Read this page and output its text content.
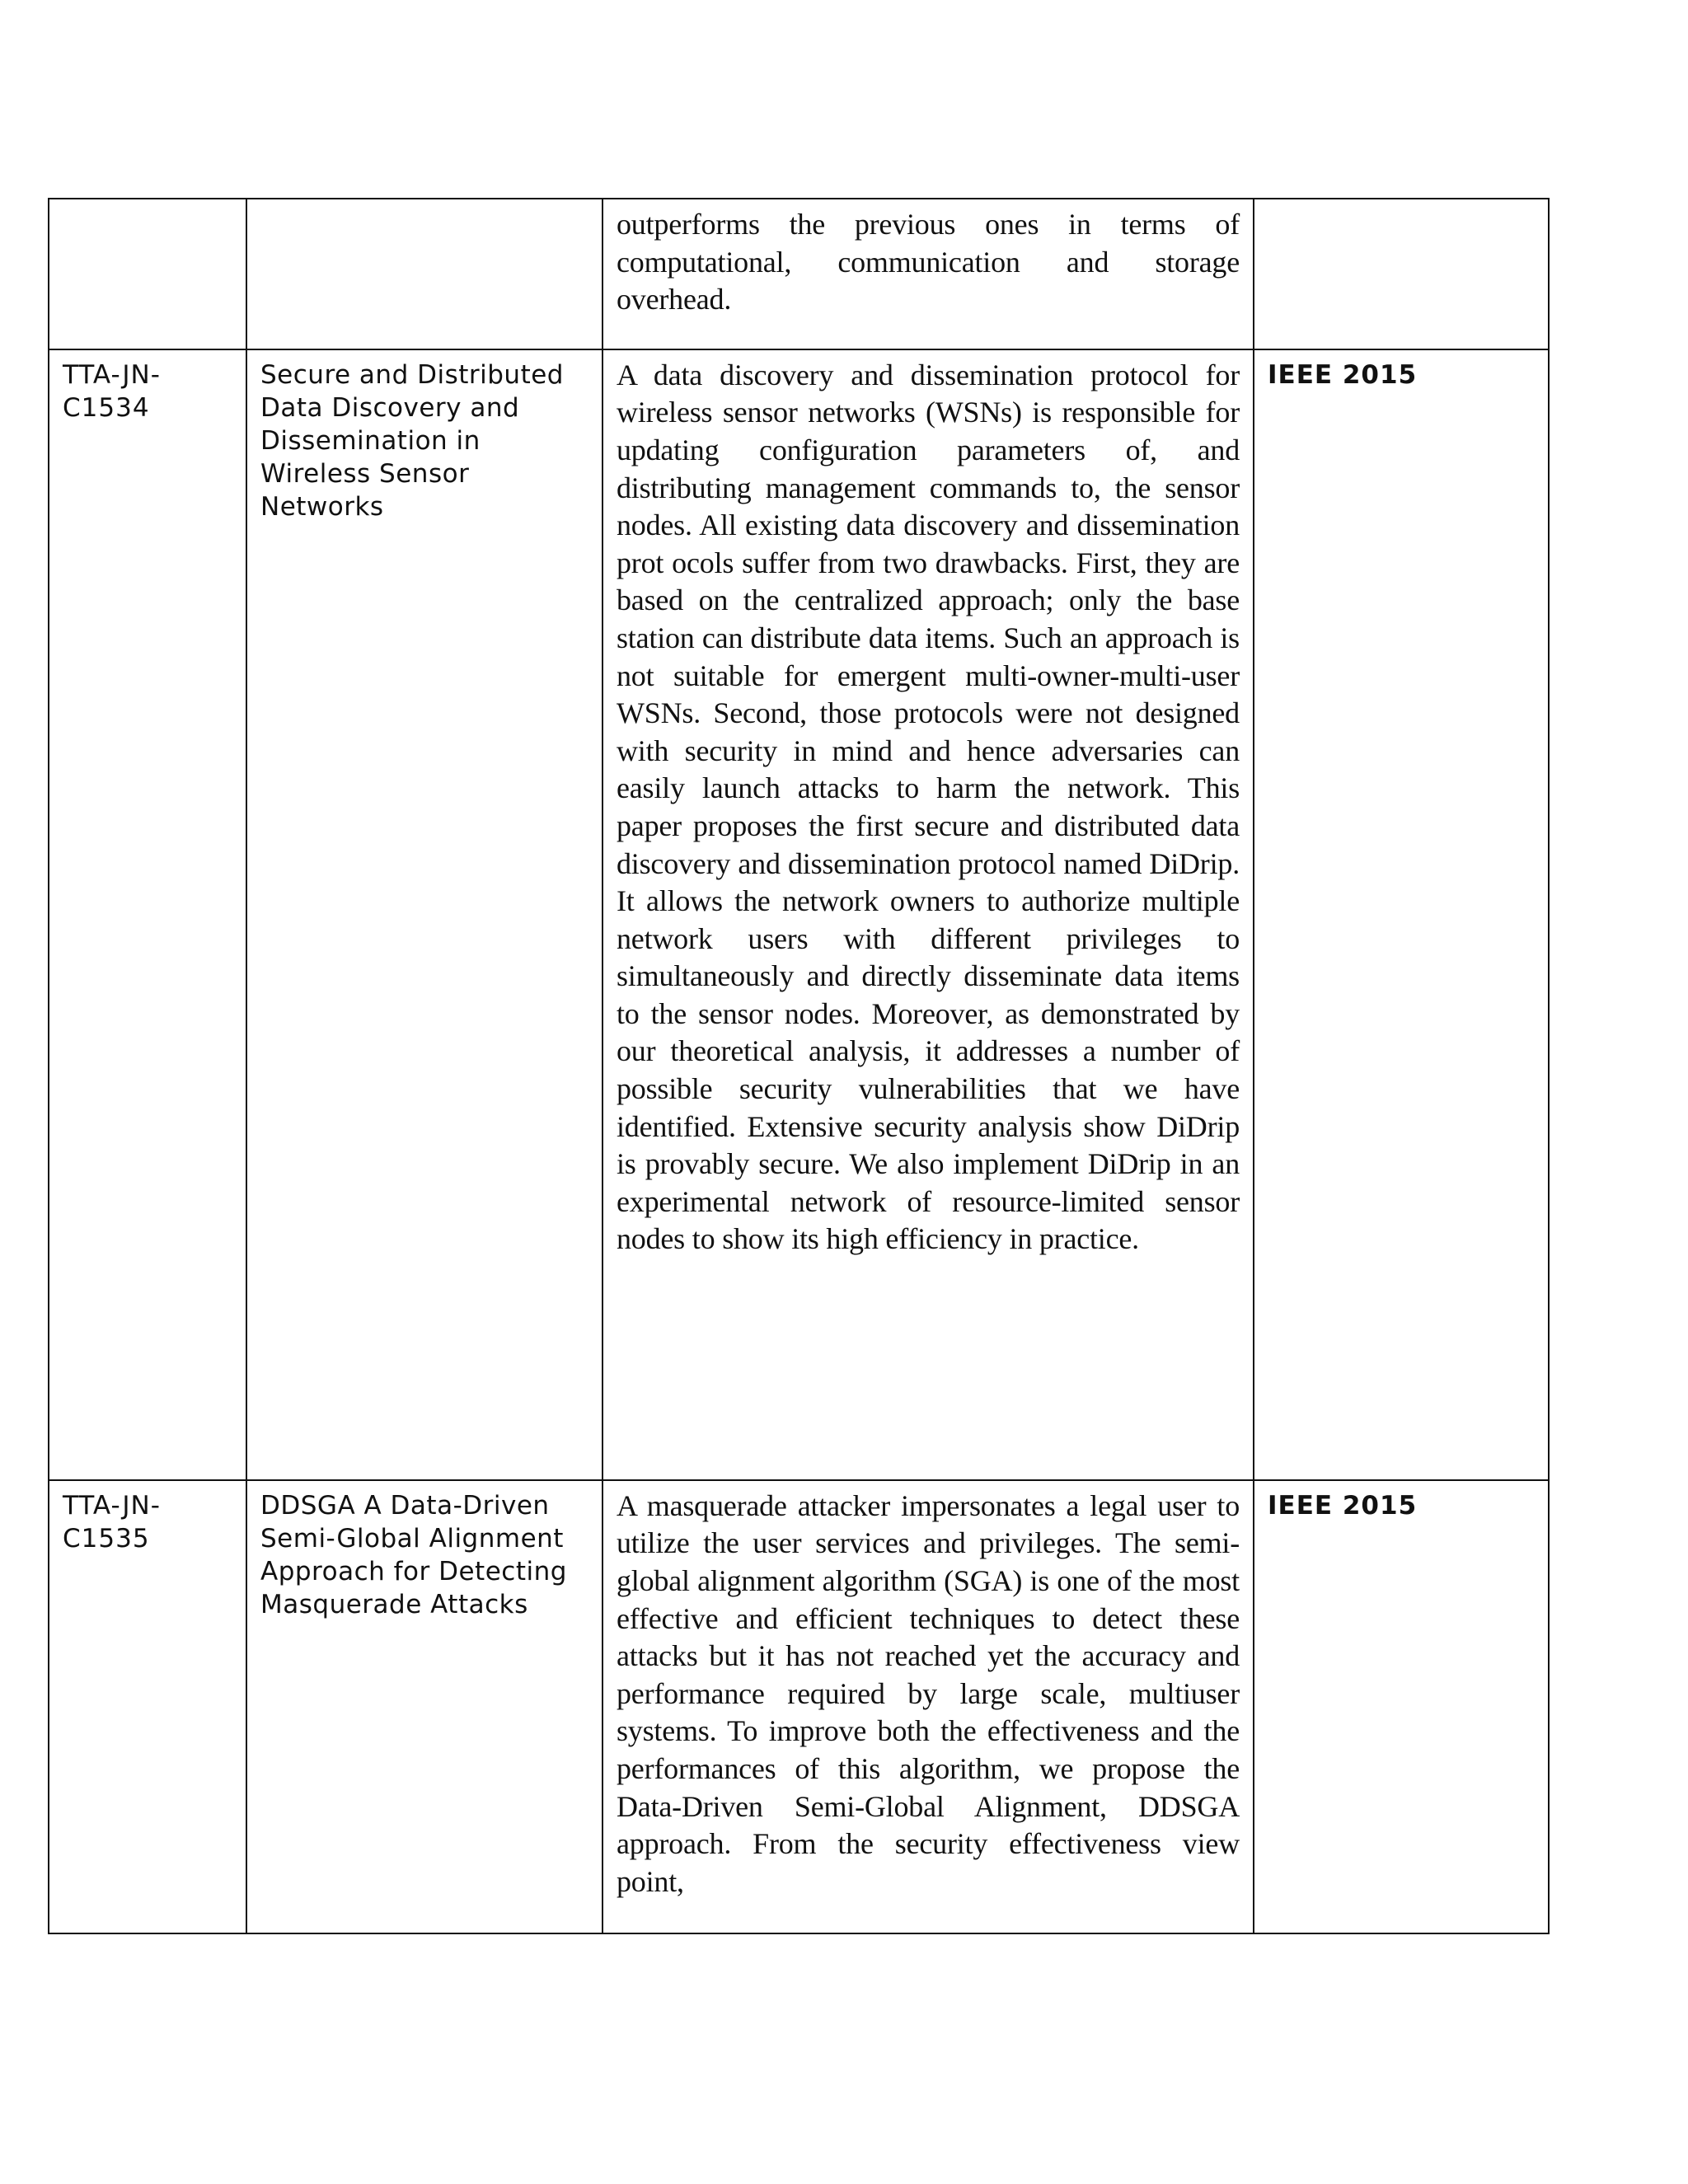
		outperforms the previous ones in terms of computational, communication and storage overhead.	

TTA-JN-C1534	Secure and Distributed Data Discovery and Dissemination in Wireless Sensor Networks	A data discovery and dissemination protocol for wireless sensor networks (WSNs) is responsible for updating configuration parameters of, and distributing management commands to, the sensor nodes. All existing data discovery and dissemination prot ocols suffer from two drawbacks. First, they are based on the centralized approach; only the base station can distribute data items. Such an approach is not suitable for emergent multi-owner-multi-user WSNs. Second, those protocols were not designed with security in mind and hence adversaries can easily launch attacks to harm the network. This paper proposes the first secure and distributed data discovery and dissemination protocol named DiDrip. It allows the network owners to authorize multiple network users with different privileges to simultaneously and directly disseminate data items to the sensor nodes. Moreover, as demonstrated by our theoretical analysis, it addresses a number of possible security vulnerabilities that we have identified. Extensive security analysis show DiDrip is provably secure. We also implement DiDrip in an experimental network of resource-limited sensor nodes to show its high efficiency in practice.	IEEE 2015

TTA-JN-C1535	DDSGA A Data-Driven Semi-Global Alignment Approach for Detecting Masquerade Attacks	A masquerade attacker impersonates a legal user to utilize the user services and privileges. The semi-global alignment algorithm (SGA) is one of the most effective and efficient techniques to detect these attacks but it has not reached yet the accuracy and performance required by large scale, multiuser systems. To improve both the effectiveness and the performances of this algorithm, we propose the Data-Driven Semi-Global Alignment, DDSGA approach. From the security effectiveness view point,	IEEE 2015
